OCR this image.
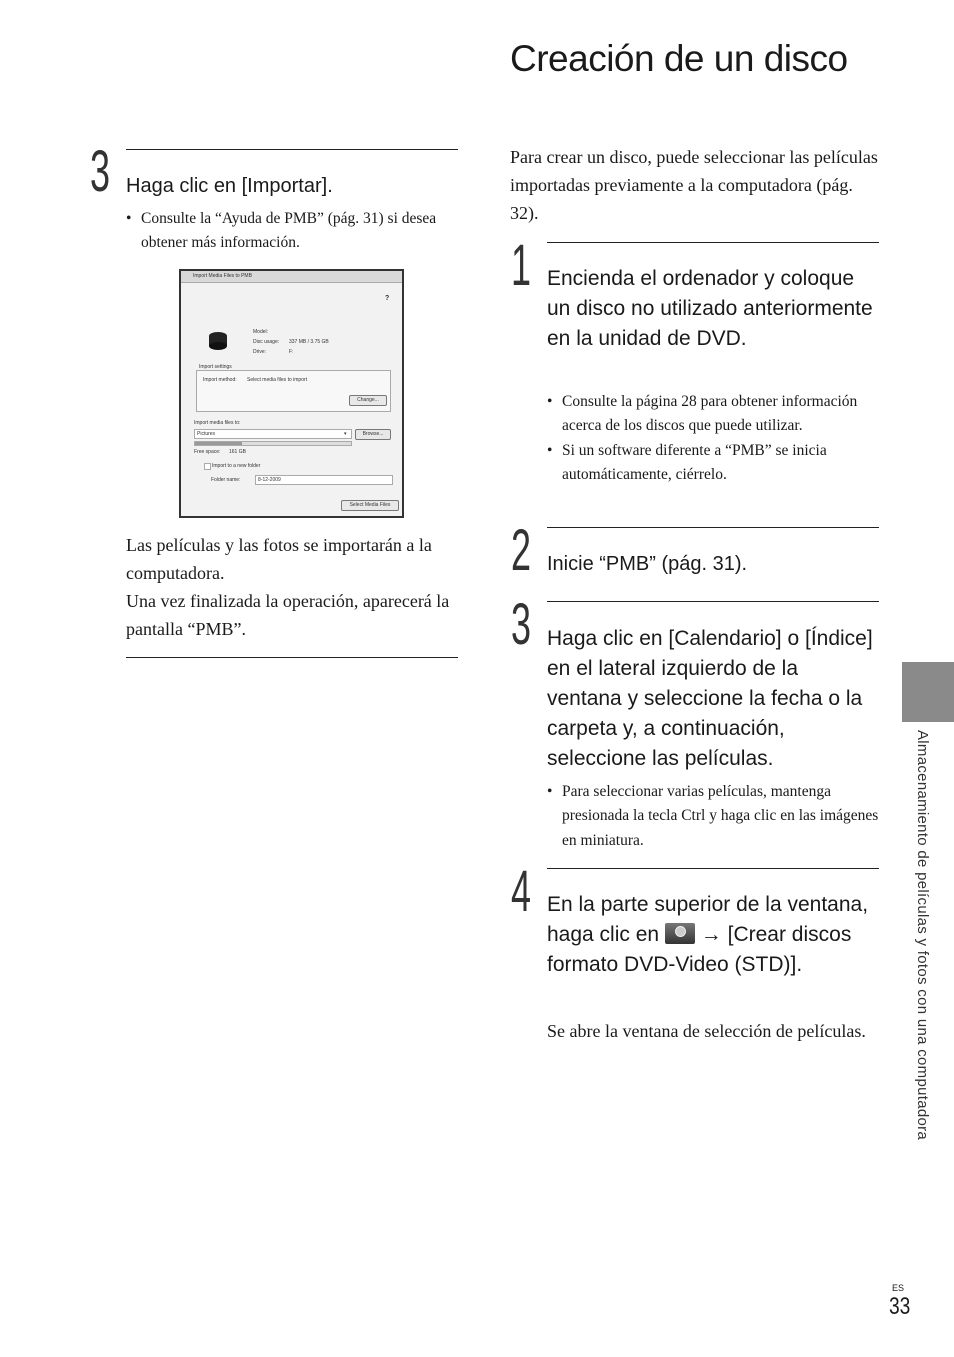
Creación de un disco
3 Haga clic en [Importar].
• Consulte la “Ayuda de PMB” (pág. 31) si desea obtener más información.
Import Media Files to PMB
?
Model:
Disc usage: 337 MB / 3.75 GB
Drive:	F:
Import settings
Import method: Select media files to import
Change...
Import media files to:
Pictures	▾	Browse...
Free space: 161 GB
Import to a new folder
Folder name:	8-12-2009
Select Media Files
Las películas y las fotos se importarán a la computadora.
Una vez finalizada la operación, aparecerá la pantalla “PMB”.
Para crear un disco, puede seleccionar las películas importadas previamente a la computadora (pág. 32).
1 Encienda el ordenador y coloque un disco no utilizado anteriormente en la unidad de DVD.
• Consulte la página 28 para obtener información acerca de los discos que puede utilizar.
• Si un software diferente a “PMB” se inicia automáticamente, ciérrelo.
2 Inicie “PMB” (pág. 31).
3 Haga clic en [Calendario] o [Índice] en el lateral izquierdo de la ventana y seleccione la fecha o la carpeta y, a continuación, seleccione las películas.
• Para seleccionar varias películas, mantenga presionada la tecla Ctrl y haga clic en las imágenes en miniatura.
4 En la parte superior de la ventana, haga clic en → [Crear discos formato DVD-Video (STD)].
Se abre la ventana de selección de películas.	Almacenamiento de películas y fotos con una computadora
ES
33
